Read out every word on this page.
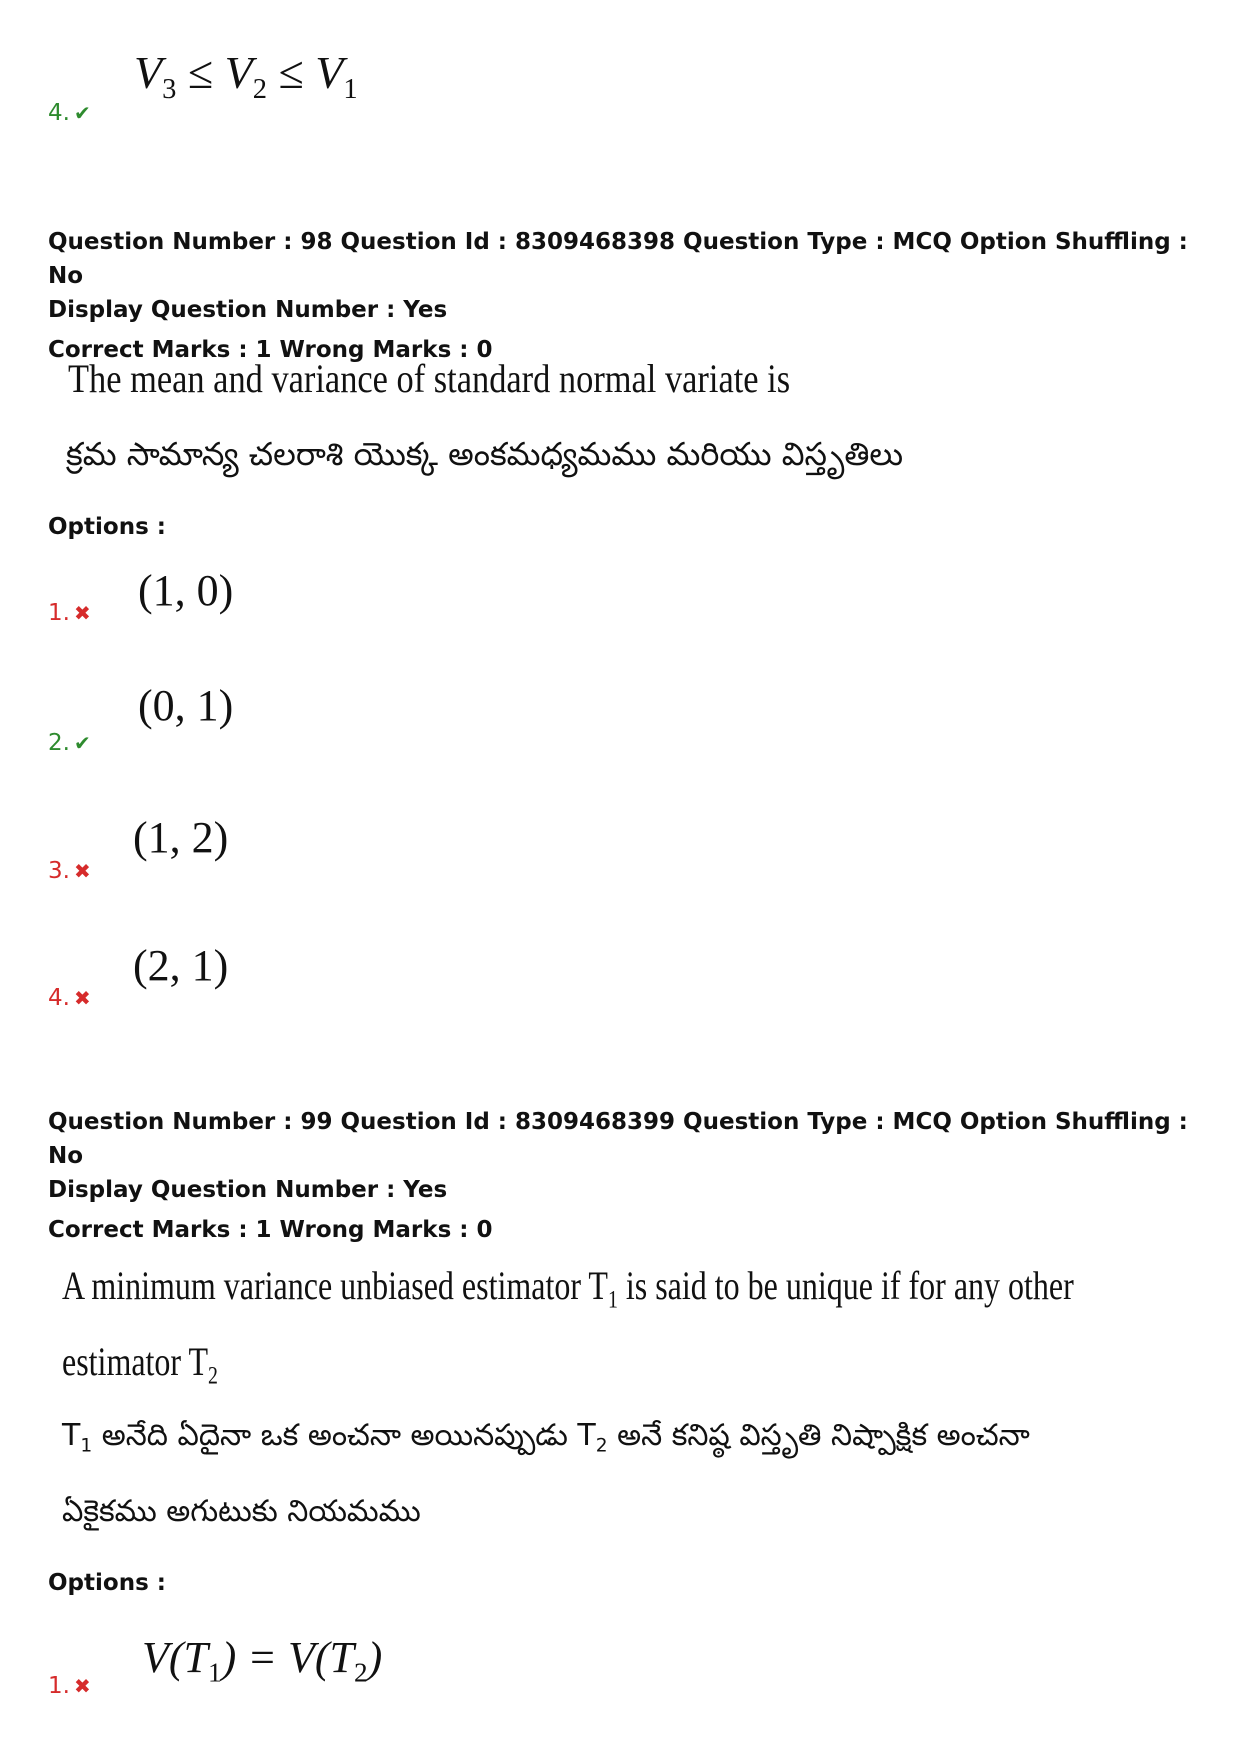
$V_3 \le V_2 \le V_1$
4. ✔
Question Number : 98 Question Id : 8309468398 Question Type : MCQ Option Shuffling : No
Display Question Number : Yes
Correct Marks : 1 Wrong Marks : 0
The mean and variance of standard normal variate is
క్రమ సామాన్య చలరాశి యొక్క అంకమధ్యమము మరియు విస్తృతిలు
Options :
(1, 0)
1. ✖
(0, 1)
2. ✔
(1, 2)
3. ✖
(2, 1)
4. ✖
Question Number : 99 Question Id : 8309468399 Question Type : MCQ Option Shuffling : No
Display Question Number : Yes
Correct Marks : 1 Wrong Marks : 0
A minimum variance unbiased estimator $T_1$ is said to be unique if for any other
estimator $T_2$
$T_1$ అనేది ఏదైనా ఒక అంచనా అయినప్పుడు $T_2$ అనే కనిష్ఠ విస్తృతి నిష్పాక్షిక అంచనా
ఏకైకము అగుటుకు నియమము
Options :
$V(T_1) = V(T_2)$
1. ✖
